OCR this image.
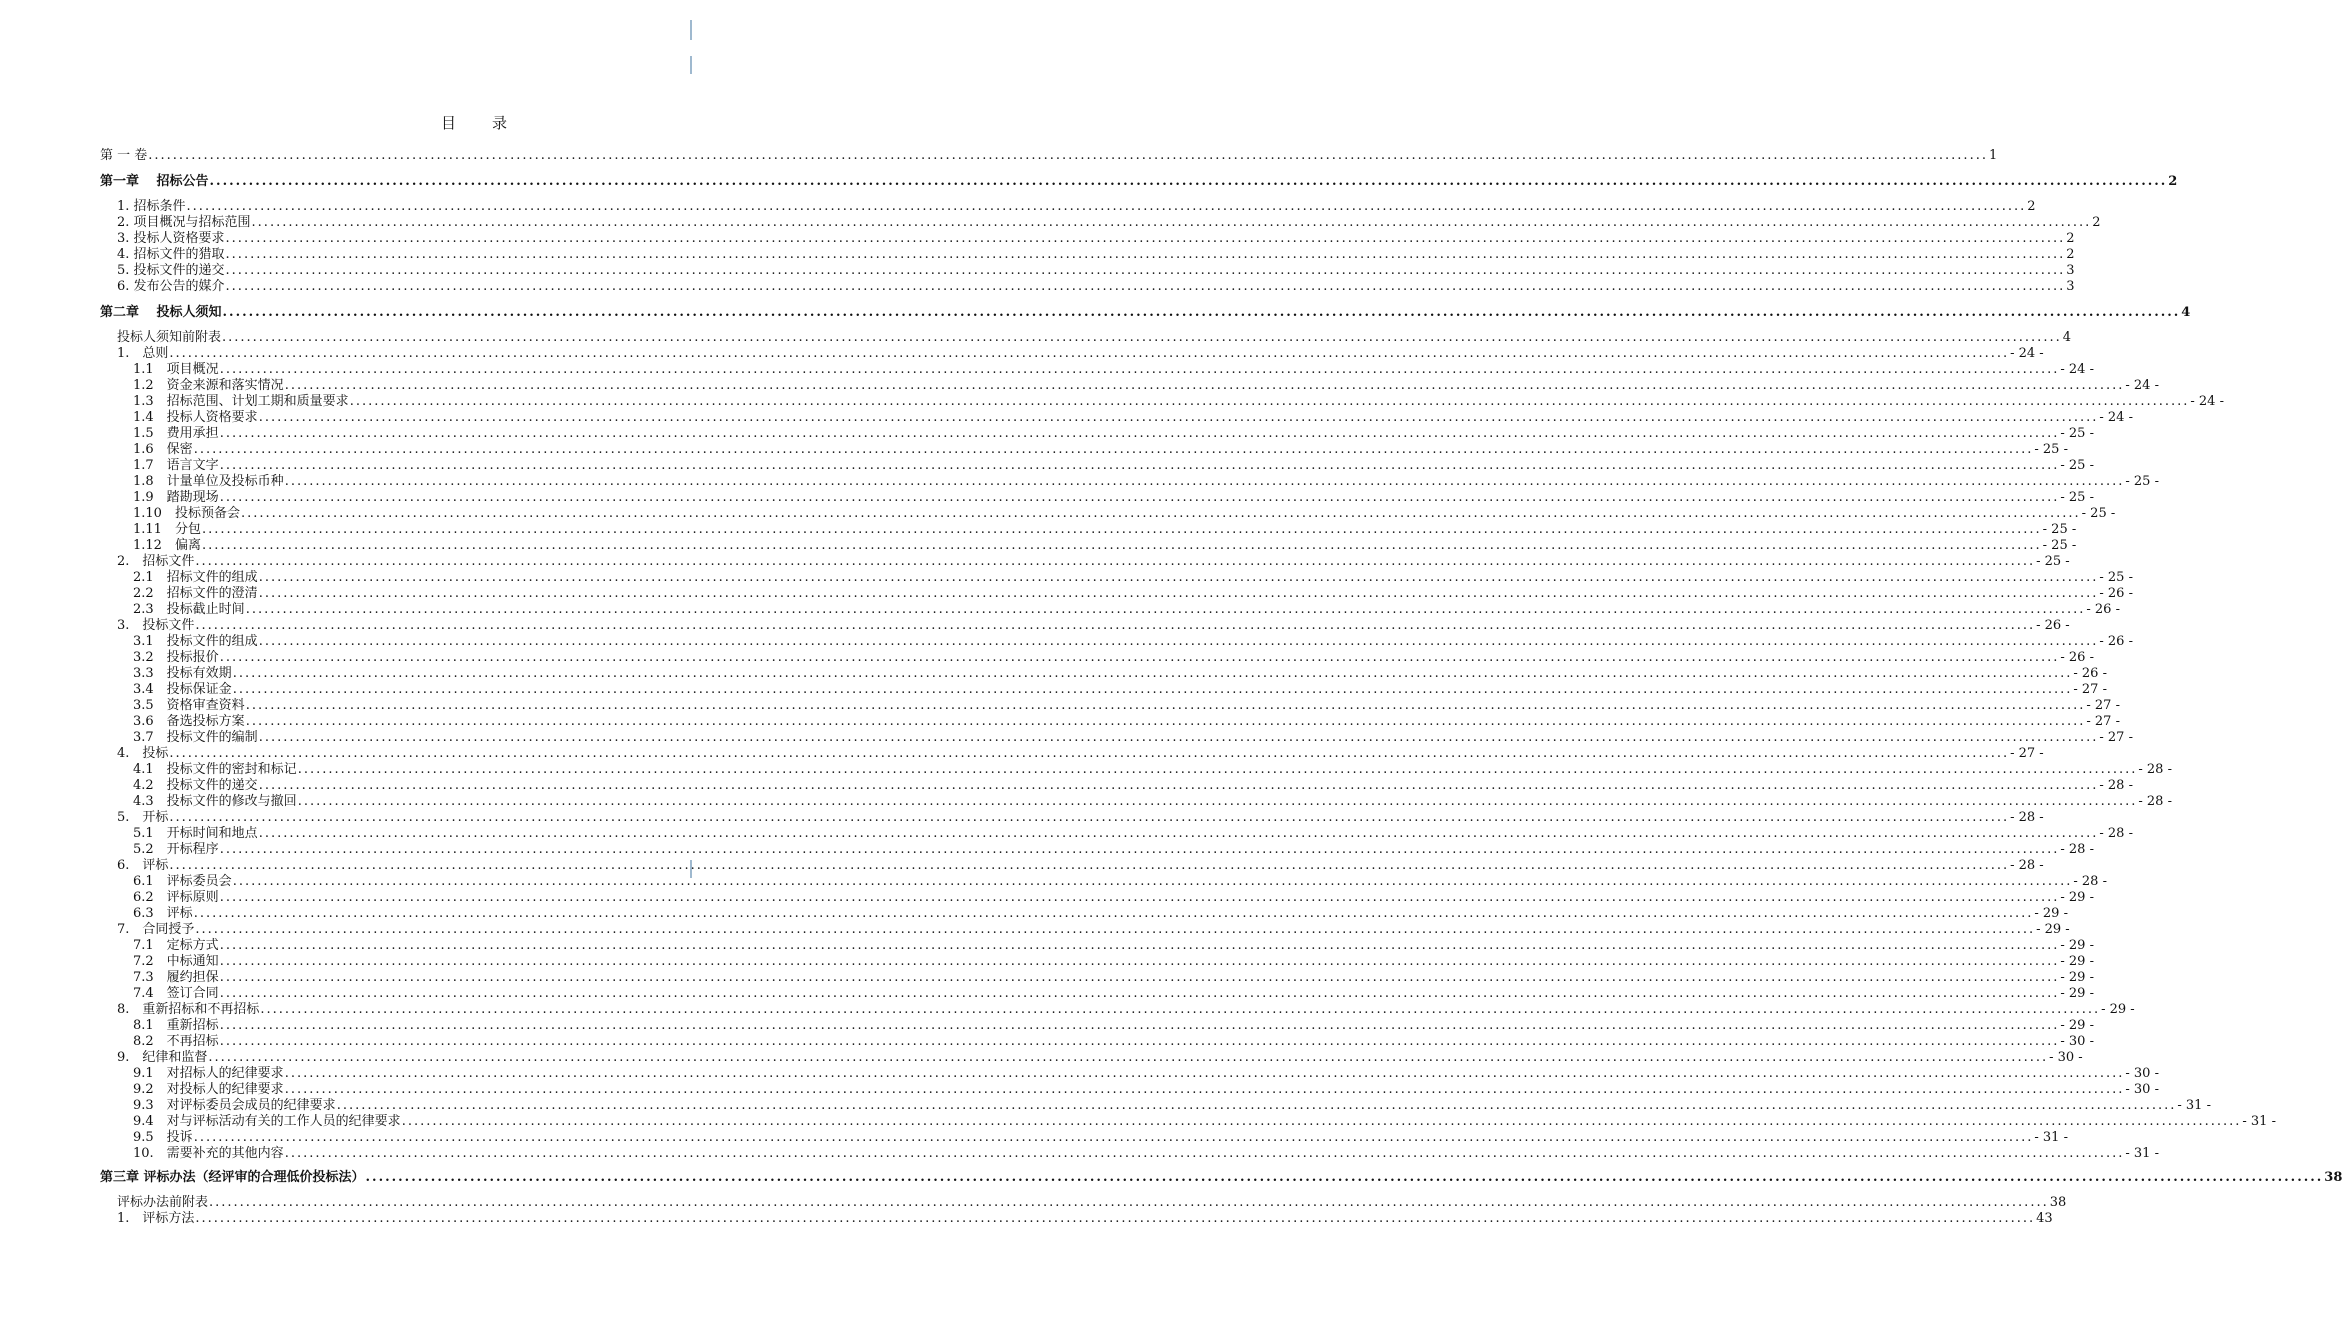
目　　录
第 一 卷 ............................................................................................................................................................................................................................................................................................................ 1
第一章　 招标公告 ............................................................................................................................................................................................................................................................................................................ 2
1. 招标条件 ............................................................................................................................................................................................................................................................................................................ 2
2. 项目概况与招标范围 ............................................................................................................................................................................................................................................................................................................ 2
3. 投标人资格要求 ............................................................................................................................................................................................................................................................................................................ 2
4. 招标文件的猎取 ............................................................................................................................................................................................................................................................................................................ 2
5. 投标文件的递交 ............................................................................................................................................................................................................................................................................................................ 3
6. 发布公告的媒介 ............................................................................................................................................................................................................................................................................................................ 3
第二章　 投标人须知 ............................................................................................................................................................................................................................................................................................................ 4
投标人须知前附表 ............................................................................................................................................................................................................................................................................................................ 4
1.　总则 ............................................................................................................................................................................................................................................................................................................ - 24 -
1.1　项目概况 ............................................................................................................................................................................................................................................................................................................ - 24 -
1.2　资金来源和落实情况 ............................................................................................................................................................................................................................................................................................................ - 24 -
1.3　招标范围、计划工期和质量要求 ............................................................................................................................................................................................................................................................................................................ - 24 -
1.4　投标人资格要求 ............................................................................................................................................................................................................................................................................................................ - 24 -
1.5　费用承担 ............................................................................................................................................................................................................................................................................................................ - 25 -
1.6　保密 ............................................................................................................................................................................................................................................................................................................ - 25 -
1.7　语言文字 ............................................................................................................................................................................................................................................................................................................ - 25 -
1.8　计量单位及投标币种 ............................................................................................................................................................................................................................................................................................................ - 25 -
1.9　踏勘现场 ............................................................................................................................................................................................................................................................................................................ - 25 -
1.10　投标预备会 ............................................................................................................................................................................................................................................................................................................ - 25 -
1.11　分包 ............................................................................................................................................................................................................................................................................................................ - 25 -
1.12　偏离 ............................................................................................................................................................................................................................................................................................................ - 25 -
2.　招标文件 ............................................................................................................................................................................................................................................................................................................ - 25 -
2.1　招标文件的组成 ............................................................................................................................................................................................................................................................................................................ - 25 -
2.2　招标文件的澄清 ............................................................................................................................................................................................................................................................................................................ - 26 -
2.3　投标截止时间 ............................................................................................................................................................................................................................................................................................................ - 26 -
3.　投标文件 ............................................................................................................................................................................................................................................................................................................ - 26 -
3.1　投标文件的组成 ............................................................................................................................................................................................................................................................................................................ - 26 -
3.2　投标报价 ............................................................................................................................................................................................................................................................................................................ - 26 -
3.3　投标有效期 ............................................................................................................................................................................................................................................................................................................ - 26 -
3.4　投标保证金 ............................................................................................................................................................................................................................................................................................................ - 27 -
3.5　资格审查资料 ............................................................................................................................................................................................................................................................................................................ - 27 -
3.6　备选投标方案 ............................................................................................................................................................................................................................................................................................................ - 27 -
3.7　投标文件的编制 ............................................................................................................................................................................................................................................................................................................ - 27 -
4.　投标 ............................................................................................................................................................................................................................................................................................................ - 27 -
4.1　投标文件的密封和标记 ............................................................................................................................................................................................................................................................................................................ - 28 -
4.2　投标文件的递交 ............................................................................................................................................................................................................................................................................................................ - 28 -
4.3　投标文件的修改与撤回 ............................................................................................................................................................................................................................................................................................................ - 28 -
5.　开标 ............................................................................................................................................................................................................................................................................................................ - 28 -
5.1　开标时间和地点 ............................................................................................................................................................................................................................................................................................................ - 28 -
5.2　开标程序 ............................................................................................................................................................................................................................................................................................................ - 28 -
6.　评标 ............................................................................................................................................................................................................................................................................................................ - 28 -
6.1　评标委员会 ............................................................................................................................................................................................................................................................................................................ - 28 -
6.2　评标原则 ............................................................................................................................................................................................................................................................................................................ - 29 -
6.3　评标 ............................................................................................................................................................................................................................................................................................................ - 29 -
7.　合同授予 ............................................................................................................................................................................................................................................................................................................ - 29 -
7.1　定标方式 ............................................................................................................................................................................................................................................................................................................ - 29 -
7.2　中标通知 ............................................................................................................................................................................................................................................................................................................ - 29 -
7.3　履约担保 ............................................................................................................................................................................................................................................................................................................ - 29 -
7.4　签订合同 ............................................................................................................................................................................................................................................................................................................ - 29 -
8.　重新招标和不再招标 ............................................................................................................................................................................................................................................................................................................ - 29 -
8.1　重新招标 ............................................................................................................................................................................................................................................................................................................ - 29 -
8.2　不再招标 ............................................................................................................................................................................................................................................................................................................ - 30 -
9.　纪律和监督 ............................................................................................................................................................................................................................................................................................................ - 30 -
9.1　对招标人的纪律要求 ............................................................................................................................................................................................................................................................................................................ - 30 -
9.2　对投标人的纪律要求 ............................................................................................................................................................................................................................................................................................................ - 30 -
9.3　对评标委员会成员的纪律要求 ............................................................................................................................................................................................................................................................................................................ - 31 -
9.4　对与评标活动有关的工作人员的纪律要求 ............................................................................................................................................................................................................................................................................................................ - 31 -
9.5　投诉 ............................................................................................................................................................................................................................................................................................................ - 31 -
10.　需要补充的其他内容 ............................................................................................................................................................................................................................................................................................................ - 31 -
第三章 评标办法（经评审的合理低价投标法） ............................................................................................................................................................................................................................................................................................................ 38
评标办法前附表 ............................................................................................................................................................................................................................................................................................................ 38
1.　评标方法 ............................................................................................................................................................................................................................................................................................................ 43
